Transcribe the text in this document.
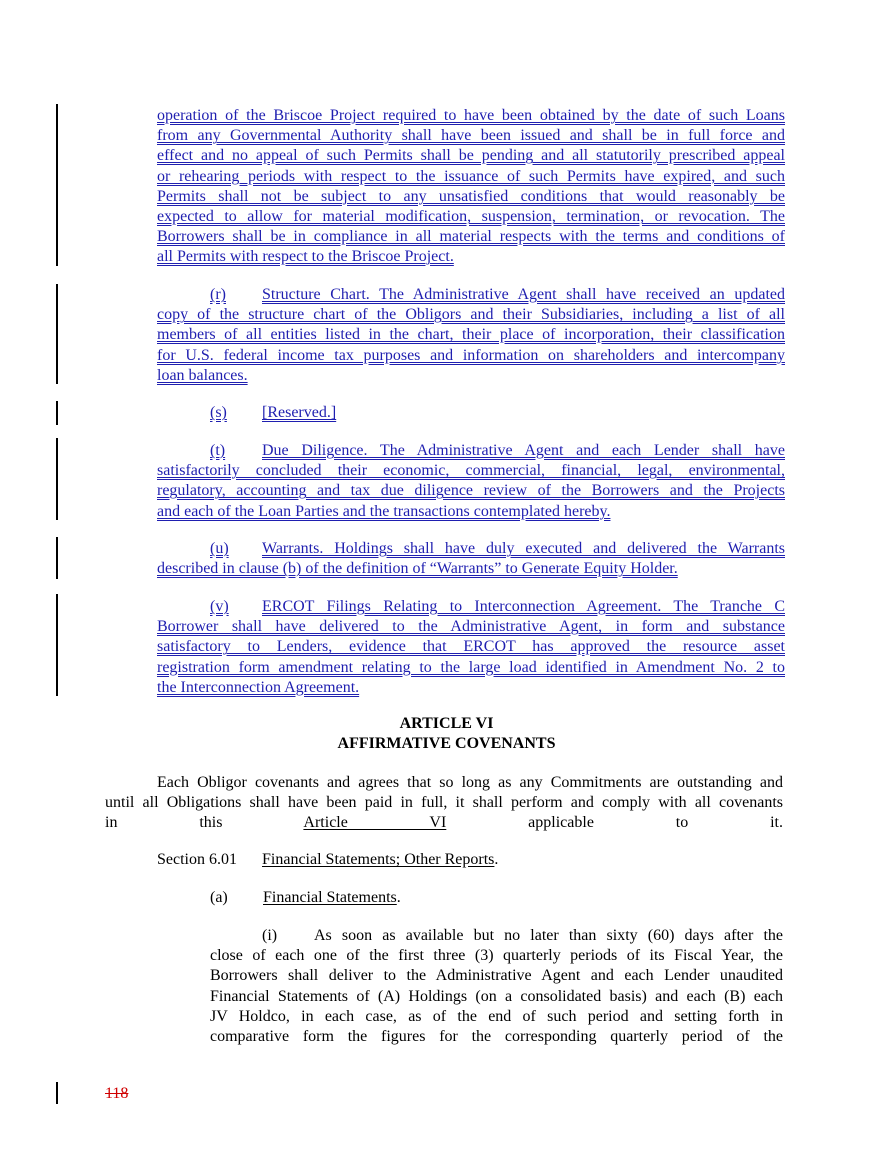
operation of the Briscoe Project required to have been obtained by the date of such Loans
from any Governmental Authority shall have been issued and shall be in full force and
effect and no appeal of such Permits shall be pending and all statutorily prescribed appeal
or rehearing periods with respect to the issuance of such Permits have expired, and such
Permits shall not be subject to any unsatisfied conditions that would reasonably be
expected to allow for material modification, suspension, termination, or revocation. The
Borrowers shall be in compliance in all material respects with the terms and conditions of
all Permits with respect to the Briscoe Project.
(r) Structure Chart. The Administrative Agent shall have received an updated
copy of the structure chart of the Obligors and their Subsidiaries, including a list of all
members of all entities listed in the chart, their place of incorporation, their classification
for U.S. federal income tax purposes and information on shareholders and intercompany
loan balances.
(s) [Reserved.]
(t) Due Diligence. The Administrative Agent and each Lender shall have
satisfactorily concluded their economic, commercial, financial, legal, environmental,
regulatory, accounting and tax due diligence review of the Borrowers and the Projects
and each of the Loan Parties and the transactions contemplated hereby.
(u) Warrants. Holdings shall have duly executed and delivered the Warrants
described in clause (b) of the definition of “Warrants” to Generate Equity Holder.
(v) ERCOT Filings Relating to Interconnection Agreement. The Tranche C
Borrower shall have delivered to the Administrative Agent, in form and substance
satisfactory to Lenders, evidence that ERCOT has approved the resource asset
registration form amendment relating to the large load identified in Amendment No. 2 to
the Interconnection Agreement.
ARTICLE VI
AFFIRMATIVE COVENANTS
Each Obligor covenants and agrees that so long as any Commitments are outstanding and
until all Obligations shall have been paid in full, it shall perform and comply with all covenants
in this Article VI applicable to it.
Section 6.01 Financial Statements; Other Reports.
(a) Financial Statements.
(i) As soon as available but no later than sixty (60) days after the
close of each one of the first three (3) quarterly periods of its Fiscal Year, the
Borrowers shall deliver to the Administrative Agent and each Lender unaudited
Financial Statements of (A) Holdings (on a consolidated basis) and each (B) each
JV Holdco, in each case, as of the end of such period and setting forth in
comparative form the figures for the corresponding quarterly period of the
118
